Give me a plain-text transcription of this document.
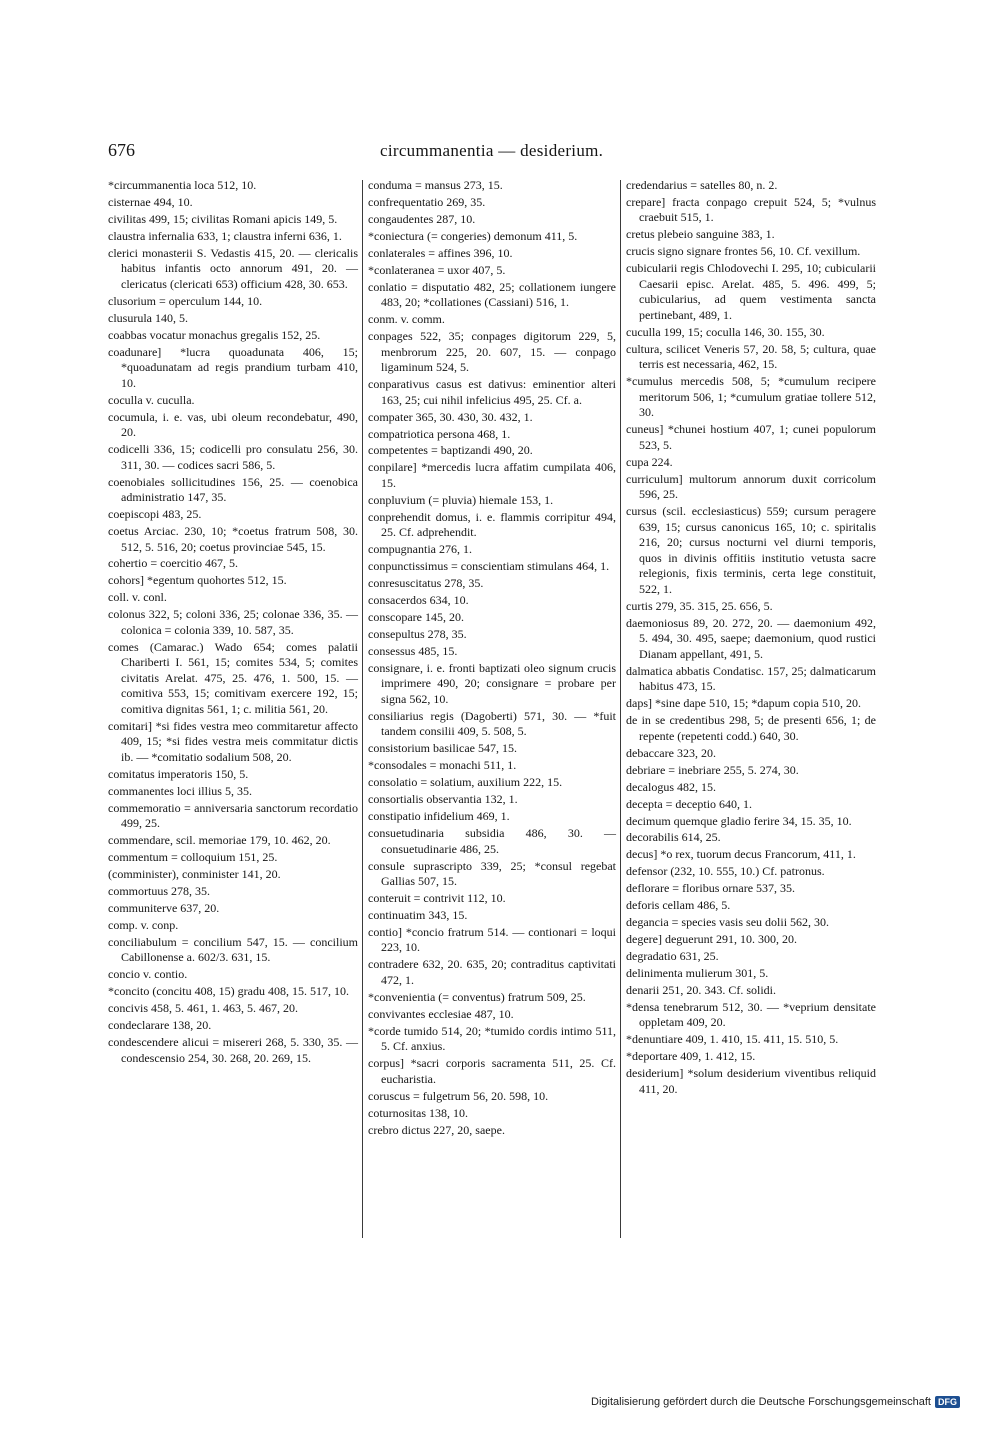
676	circummanentia — desiderium.

*circummanentia loca 512, 10.

cisternae 494, 10.

civilitas 499, 15; civilitas Romani apicis 149, 5.

claustra infernalia 633, 1; claustra inferni 636, 1.

clerici monasterii S. Vedastis 415, 20. — clericalis habitus infantis octo annorum 491, 20. — clericatus (clericati 653) officium 428, 30. 653.

clusorium = operculum 144, 10.

clusurula 140, 5.

coabbas vocatur monachus gregalis 152, 25.

coadunare] *lucra quoadunata 406, 15; *quoadunatam ad regis prandium turbam 410, 10.

coculla v. cuculla.

cocumula, i. e. vas, ubi oleum recondebatur, 490, 20.

codicelli 336, 15; codicelli pro consulatu 256, 30. 311, 30. — codices sacri 586, 5.

coenobiales sollicitudines 156, 25. — coenobica administratio 147, 35.

coepiscopi 483, 25.

coetus Arciac. 230, 10; *coetus fratrum 508, 30. 512, 5. 516, 20; coetus provinciae 545, 15.

cohertio = coercitio 467, 5.

cohors] *egentum quohortes 512, 15.

coll. v. conl.

colonus 322, 5; coloni 336, 25; colonae 336, 35. — colonica = colonia 339, 10. 587, 35.

comes (Camarac.) Wado 654; comes palatii Chariberti I. 561, 15; comites 534, 5; comites civitatis Arelat. 475, 25. 476, 1. 500, 15. — comitiva 553, 15; comitivam exercere 192, 15; comitiva dignitas 561, 1; c. militia 561, 20.

comitari] *si fides vestra meo commitaretur affecto 409, 15; *si fides vestra meis commitatur dictis ib. — *comitatio sodalium 508, 20.

comitatus imperatoris 150, 5.

commanentes loci illius 5, 35.

commemoratio = anniversaria sanctorum recordatio 499, 25.

commendare, scil. memoriae 179, 10. 462, 20.

commentum = colloquium 151, 25.

(comminister), conminister 141, 20.

commortuus 278, 35.

communiterve 637, 20.

comp. v. conp.

conciliabulum = concilium 547, 15. — concilium Cabillonense a. 602/3. 631, 15.

concio v. contio.

*concito (concitu 408, 15) gradu 408, 15. 517, 10.

concivis 458, 5. 461, 1. 463, 5. 467, 20.

condeclarare 138, 20.

condescendere alicui = misereri 268, 5. 330, 35. — condescensio 254, 30. 268, 20. 269, 15.

conduma = mansus 273, 15.

confrequentatio 269, 35.

congaudentes 287, 10.

*coniectura (= congeries) demonum 411, 5.

conlaterales = affines 396, 10.

*conlateranea = uxor 407, 5.

conlatio = disputatio 482, 25; collationem iungere 483, 20; *collationes (Cassiani) 516, 1.

conm. v. comm.

conpages 522, 35; conpages digitorum 229, 5, menbrorum 225, 20. 607, 15. — conpago ligaminum 524, 5.

conparativus casus est dativus: eminentior alteri 163, 25; cui nihil infelicius 495, 25. Cf. a.

compater 365, 30. 430, 30. 432, 1.

compatriotica persona 468, 1.

competentes = baptizandi 490, 20.

conpilare] *mercedis lucra affatim cumpilata 406, 15.

conpluvium (= pluvia) hiemale 153, 1.

conprehendit domus, i. e. flammis corripitur 494, 25. Cf. adprehendit.

compugnantia 276, 1.

conpunctissimus = conscientiam stimulans 464, 1.

conresuscitatus 278, 35.

consacerdos 634, 10.

conscopare 145, 20.

consepultus 278, 35.

consessus 485, 15.

consignare, i. e. fronti baptizati oleo signum crucis imprimere 490, 20; consignare = probare per signa 562, 10.

consiliarius regis (Dagoberti) 571, 30. — *fuit tandem consilii 409, 5. 508, 5.

consistorium basilicae 547, 15.

*consodales = monachi 511, 1.

consolatio = solatium, auxilium 222, 15.

consortialis observantia 132, 1.

constipatio infidelium 469, 1.

consuetudinaria subsidia 486, 30. — consuetudinarie 486, 25.

consule suprascripto 339, 25; *consul regebat Gallias 507, 15.

conteruit = contrivit 112, 10.

continuatim 343, 15.

contio] *concio fratrum 514. — contionari = loqui 223, 10.

contradere 632, 20. 635, 20; contraditus captivitati 472, 1.

*convenientia (= conventus) fratrum 509, 25.

convivantes ecclesiae 487, 10.

*corde tumido 514, 20; *tumido cordis intimo 511, 5. Cf. anxius.

corpus] *sacri corporis sacramenta 511, 25. Cf. eucharistia.

coruscus = fulgetrum 56, 20. 598, 10.

coturnositas 138, 10.

crebro dictus 227, 20, saepe.

credendarius = satelles 80, n. 2.

crepare] fracta conpago crepuit 524, 5; *vulnus craebuit 515, 1.

cretus plebeio sanguine 383, 1.

crucis signo signare frontes 56, 10. Cf. vexillum.

cubicularii regis Chlodovechi I. 295, 10; cubicularii Caesarii episc. Arelat. 485, 5. 496. 499, 5; cubicularius, ad quem vestimenta sancta pertinebant, 489, 1.

cuculla 199, 15; coculla 146, 30. 155, 30.

cultura, scilicet Veneris 57, 20. 58, 5; cultura, quae terris est necessaria, 462, 15.

*cumulus mercedis 508, 5; *cumulum recipere meritorum 506, 1; *cumulum gratiae tollere 512, 30.

cuneus] *chunei hostium 407, 1; cunei populorum 523, 5.

cupa 224.

curriculum] multorum annorum duxit corricolum 596, 25.

cursus (scil. ecclesiasticus) 559; cursum peragere 639, 15; cursus canonicus 165, 10; c. spiritalis 216, 20; cursus nocturni vel diurni temporis, quos in divinis offitiis institutio vetusta sacre relegionis, fixis terminis, certa lege constituit, 522, 1.

curtis 279, 35. 315, 25. 656, 5.

daemoniosus 89, 20. 272, 20. — daemonium 492, 5. 494, 30. 495, saepe; daemonium, quod rustici Dianam appellant, 491, 5.

dalmatica abbatis Condatisc. 157, 25; dalmaticarum habitus 473, 15.

daps] *sine dape 510, 15; *dapum copia 510, 20.

de in se credentibus 298, 5; de presenti 656, 1; de repente (repetenti codd.) 640, 30.

debaccare 323, 20.

debriare = inebriare 255, 5. 274, 30.

decalogus 482, 15.

decepta = deceptio 640, 1.

decimum quemque gladio ferire 34, 15. 35, 10.

decorabilis 614, 25.

decus] *o rex, tuorum decus Francorum, 411, 1.

defensor (232, 10. 555, 10.) Cf. patronus.

deflorare = floribus ornare 537, 35.

deforis cellam 486, 5.

degancia = species vasis seu dolii 562, 30.

degere] deguerunt 291, 10. 300, 20.

degradatio 631, 25.

delinimenta mulierum 301, 5.

denarii 251, 20. 343. Cf. solidi.

*densa tenebrarum 512, 30. — *veprium densitate oppletam 409, 20.

*denuntiare 409, 1. 410, 15. 411, 15. 510, 5.

*deportare 409, 1. 412, 15.

desiderium] *solum desiderium viventibus reliquid 411, 20.

Digitalisierung gefördert durch die Deutsche Forschungsgemeinschaft DFG
